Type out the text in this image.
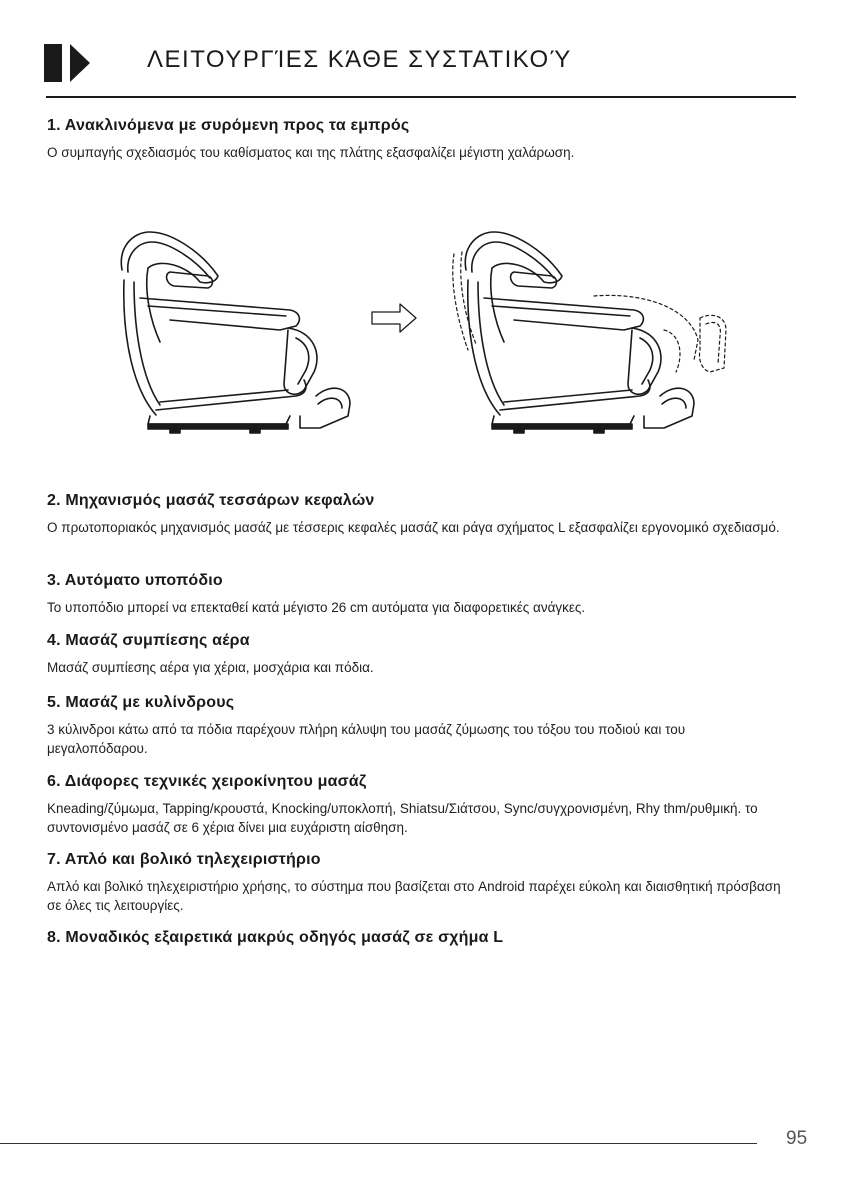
ΛΕΙΤΟΥΡΓΊΕΣ ΚΆΘΕ ΣΥΣΤΑΤΙΚΟΎ
1. Ανακλινόμενα με συρόμενη προς τα εμπρός

Ο συμπαγής σχεδιασμός του καθίσματος και της πλάτης εξασφαλίζει μέγιστη χαλάρωση.

2. Μηχανισμός μασάζ τεσσάρων κεφαλών

Ο πρωτοποριακός μηχανισμός μασάζ με τέσσερις κεφαλές μασάζ και ράγα σχήματος L εξασφαλίζει εργονομικό σχεδιασμό.

3. Αυτόματο υποπόδιο

Το υποπόδιο μπορεί να επεκταθεί κατά μέγιστο 26 cm αυτόματα για διαφορετικές ανάγκες.

4. Μασάζ συμπίεσης αέρα

Μασάζ συμπίεσης αέρα για χέρια, μοσχάρια και πόδια.

5. Μασάζ με κυλίνδρους

3 κύλινδροι κάτω από τα πόδια παρέχουν πλήρη κάλυψη του μασάζ ζύμωσης του τόξου του ποδιού και του μεγαλοπόδαρου.

6. Διάφορες τεχνικές χειροκίνητου μασάζ

Kneading/ζύμωμα, Tapping/κρουστά, Knocking/υποκλοπή, Shiatsu/Σιάτσου, Sync/συγχρονισμένη, Rhy thm/ρυθμική. το συντονισμένο μασάζ σε 6 χέρια δίνει μια ευχάριστη αίσθηση.

7. Απλό και βολικό τηλεχειριστήριο

Απλό και βολικό τηλεχειριστήριο χρήσης, το σύστημα που βασίζεται στο Android παρέχει εύκολη και διαισθητική πρόσβαση σε όλες τις λειτουργίες.

8. Μοναδικός εξαιρετικά μακρύς οδηγός μασάζ σε σχήμα L
95
